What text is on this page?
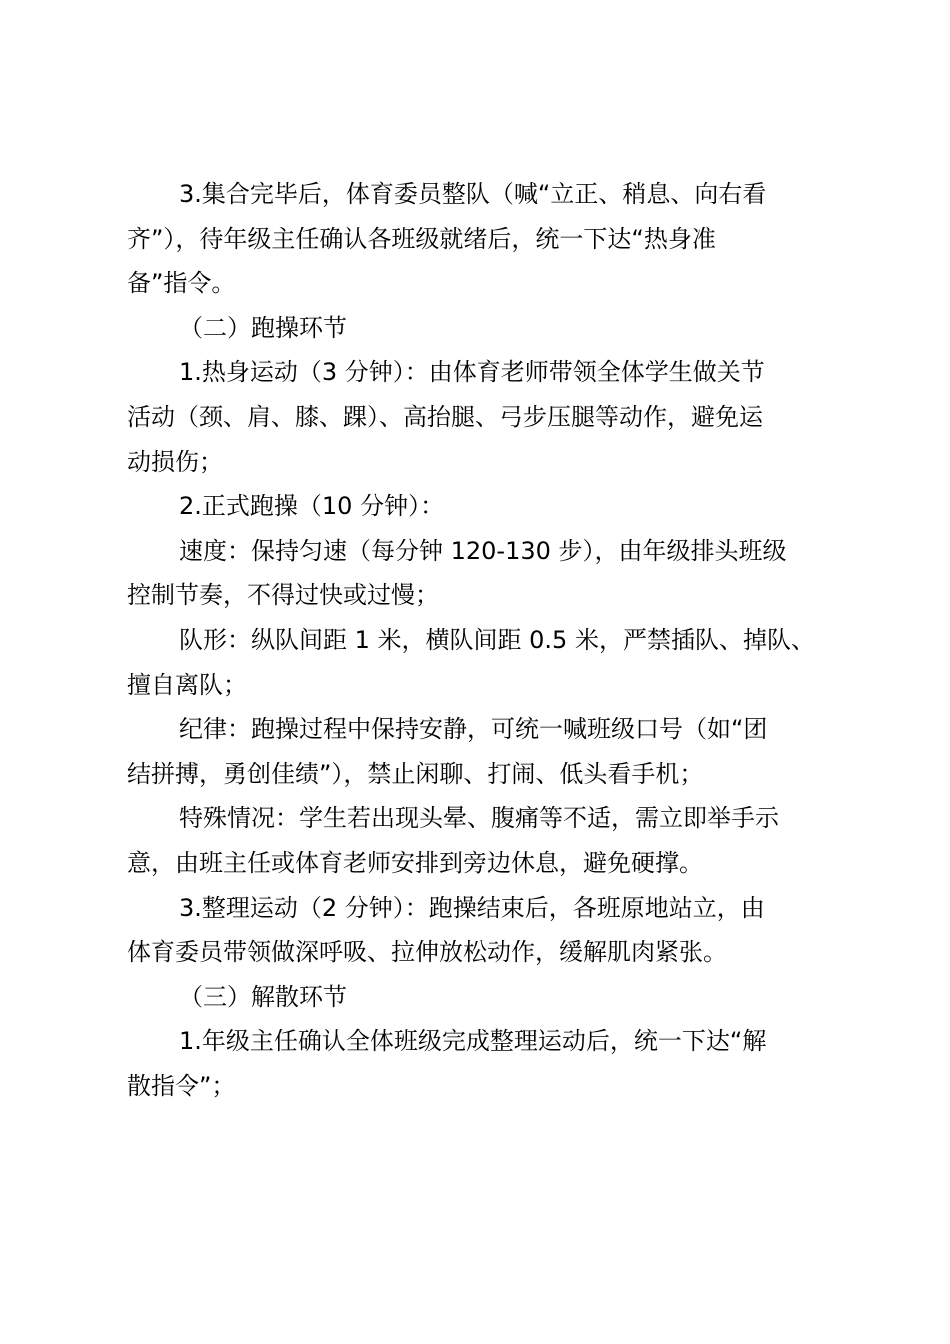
3.集合完毕后，体育委员整队（喊“立正、稍息、向右看
齐”），待年级主任确认各班级就绪后，统一下达“热身准
备”指令。
（二）跑操环节
1.热身运动（3 分钟）：由体育老师带领全体学生做关节
活动（颈、肩、膝、踝）、高抬腿、弓步压腿等动作，避免运
动损伤；
2.正式跑操（10 分钟）：
速度：保持匀速（每分钟 120-130 步），由年级排头班级
控制节奏，不得过快或过慢；
队形：纵队间距 1 米，横队间距 0.5 米，严禁插队、掉队、
擅自离队；
纪律：跑操过程中保持安静，可统一喊班级口号（如“团
结拼搏，勇创佳绩”），禁止闲聊、打闹、低头看手机；
特殊情况：学生若出现头晕、腹痛等不适，需立即举手示
意，由班主任或体育老师安排到旁边休息，避免硬撑。
3.整理运动（2 分钟）：跑操结束后，各班原地站立，由
体育委员带领做深呼吸、拉伸放松动作，缓解肌肉紧张。
（三）解散环节
1.年级主任确认全体班级完成整理运动后，统一下达“解
散指令”；
